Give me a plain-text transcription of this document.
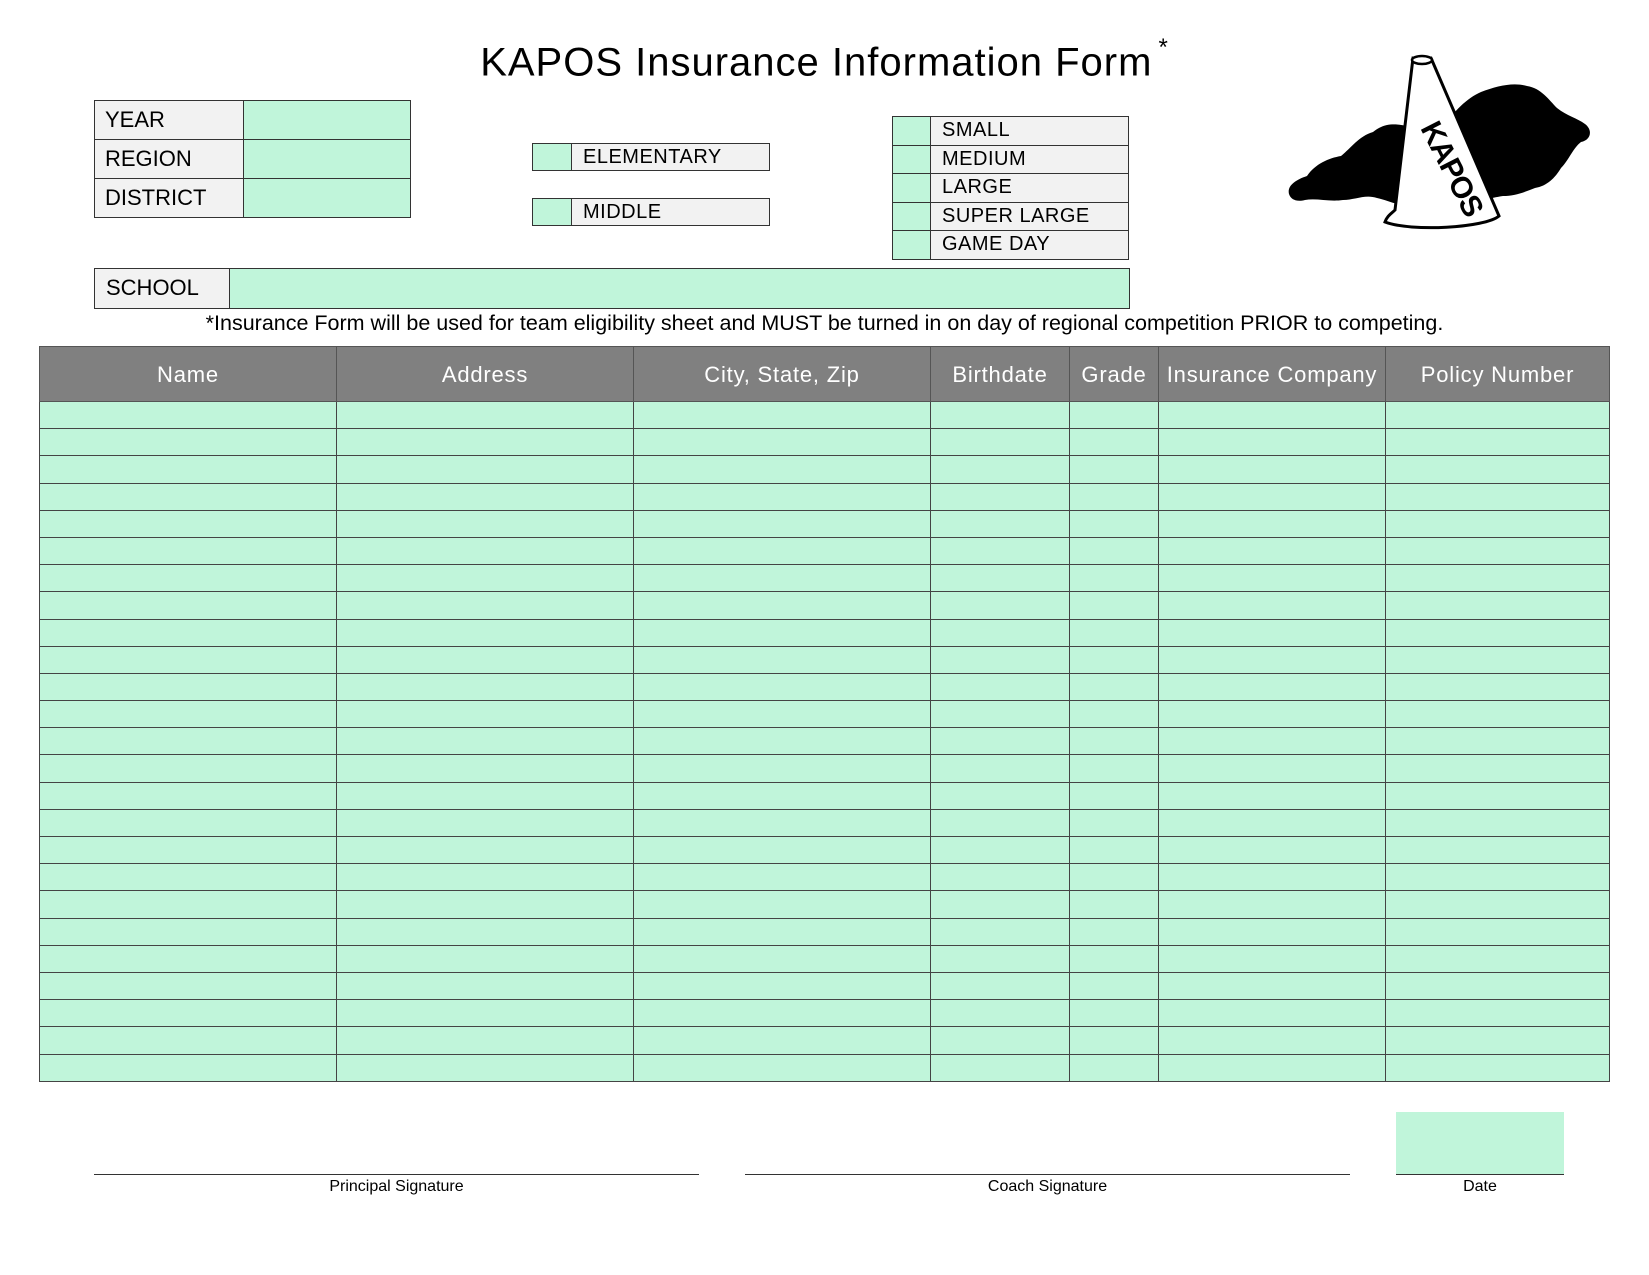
KAPOS Insurance Information Form *
YEAR	
REGION	
DISTRICT	
ELEMENTARY
MIDDLE
SMALL
MEDIUM
LARGE
SUPER LARGE
GAME DAY
KAPOS
SCHOOL
*Insurance Form will be used for team eligibility sheet and MUST be turned in on day of regional competition PRIOR to competing.
Name	Address	City, State, Zip	Birthdate	Grade	Insurance Company	Policy Number

Principal Signature	Coach Signature	Date
